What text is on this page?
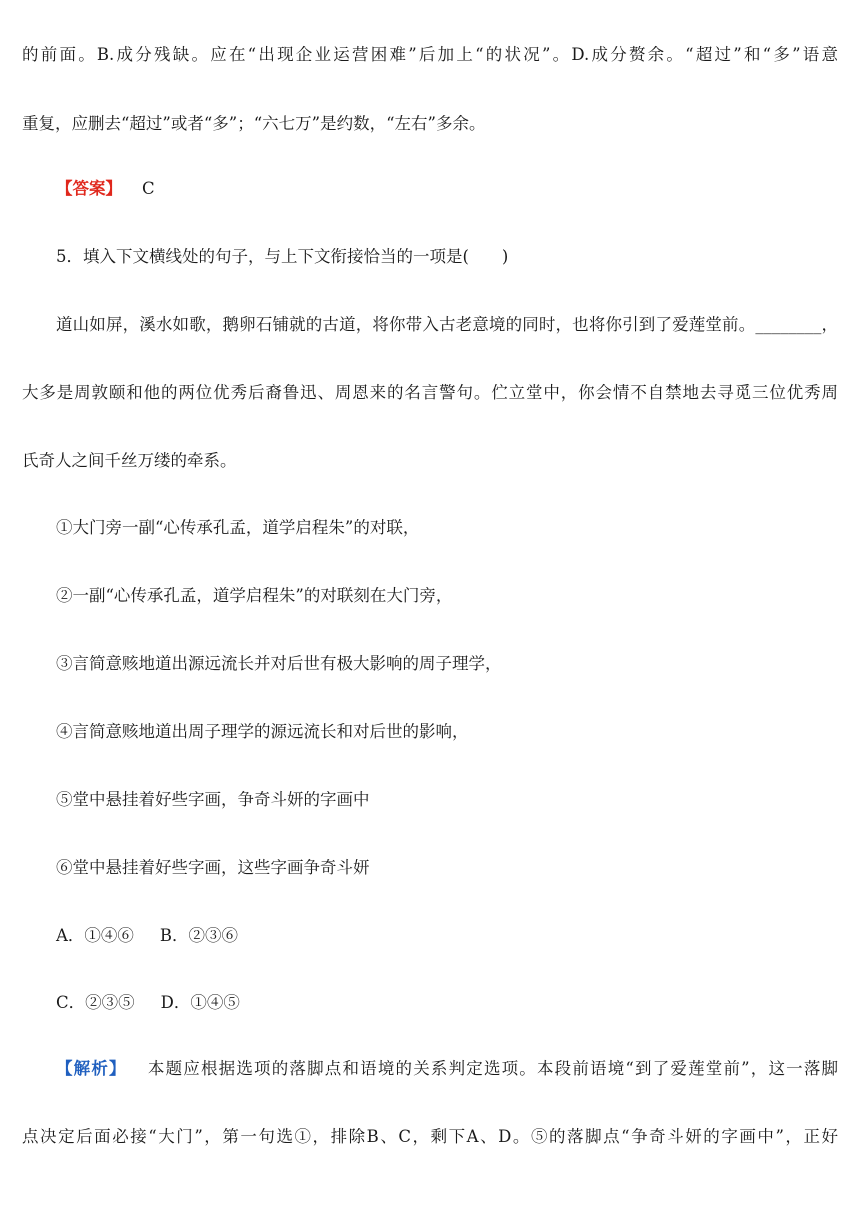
的前面。B.成分残缺。应在“出现企业运营困难”后加上“的状况”。D.成分赘余。“超过”和“多”语意
重复，应删去“超过”或者“多”；“六七万”是约数，“左右”多余。
【答案】 C
5．填入下文横线处的句子，与上下文衔接恰当的一项是(　　)
道山如屏，溪水如歌，鹅卵石铺就的古道，将你带入古老意境的同时，也将你引到了爱莲堂前。________，
大多是周敦颐和他的两位优秀后裔鲁迅、周恩来的名言警句。伫立堂中，你会情不自禁地去寻觅三位优秀周
氏奇人之间千丝万缕的牵系。
①大门旁一副“心传承孔孟，道学启程朱”的对联，
②一副“心传承孔孟，道学启程朱”的对联刻在大门旁，
③言简意赅地道出源远流长并对后世有极大影响的周子理学，
④言简意赅地道出周子理学的源远流长和对后世的影响，
⑤堂中悬挂着好些字画，争奇斗妍的字画中
⑥堂中悬挂着好些字画，这些字画争奇斗妍
A．①④⑥ B．②③⑥
C．②③⑤ D．①④⑤
【解析】 本题应根据选项的落脚点和语境的关系判定选项。本段前语境“到了爱莲堂前”，这一落脚
点决定后面必接“大门”，第一句选①，排除B、C，剩下A、D。⑤的落脚点“争奇斗妍的字画中”，正好
